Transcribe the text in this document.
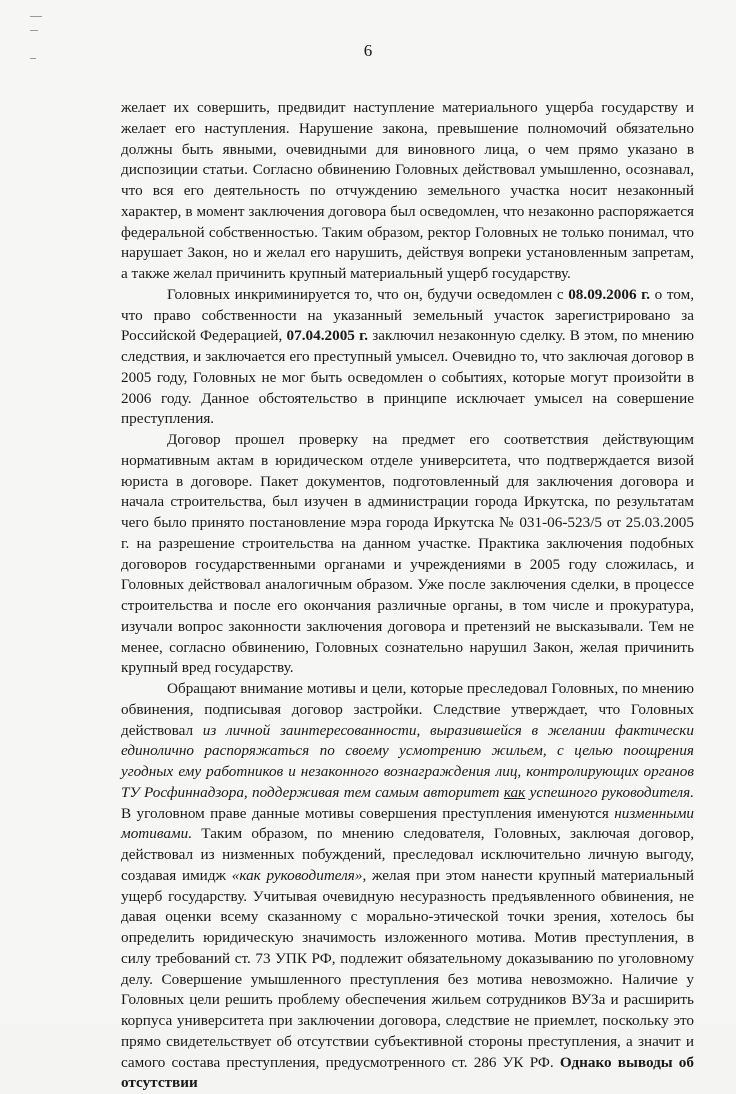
6

желает их совершить, предвидит наступление материального ущерба государству и желает его наступления. Нарушение закона, превышение полномочий обязательно должны быть явными, очевидными для виновного лица, о чем прямо указано в диспозиции статьи. Согласно обвинению Головных действовал умышленно, осознавал, что вся его деятельность по отчуждению земельного участка носит незаконный характер, в момент заключения договора был осведомлен, что незаконно распоряжается федеральной собственностью. Таким образом, ректор Головных не только понимал, что нарушает Закон, но и желал его нарушить, действуя вопреки установленным запретам, а также желал причинить крупный материальный ущерб государству.

Головных инкриминируется то, что он, будучи осведомлен с 08.09.2006 г. о том, что право собственности на указанный земельный участок зарегистрировано за Российской Федерацией, 07.04.2005 г. заключил незаконную сделку. В этом, по мнению следствия, и заключается его преступный умысел. Очевидно то, что заключая договор в 2005 году, Головных не мог быть осведомлен о событиях, которые могут произойти в 2006 году. Данное обстоятельство в принципе исключает умысел на совершение преступления.

Договор прошел проверку на предмет его соответствия действующим нормативным актам в юридическом отделе университета, что подтверждается визой юриста в договоре. Пакет документов, подготовленный для заключения договора и начала строительства, был изучен в администрации города Иркутска, по результатам чего было принято постановление мэра города Иркутска № 031-06-523/5 от 25.03.2005 г. на разрешение строительства на данном участке. Практика заключения подобных договоров государственными органами и учреждениями в 2005 году сложилась, и Головных действовал аналогичным образом. Уже после заключения сделки, в процессе строительства и после его окончания различные органы, в том числе и прокуратура, изучали вопрос законности заключения договора и претензий не высказывали. Тем не менее, согласно обвинению, Головных сознательно нарушил Закон, желая причинить крупный вред государству.

Обращают внимание мотивы и цели, которые преследовал Головных, по мнению обвинения, подписывая договор застройки. Следствие утверждает, что Головных действовал из личной заинтересованности, выразившейся в желании фактически единолично распоряжаться по своему усмотрению жильем, с целью поощрения угодных ему работников и незаконного вознаграждения лиц, контролирующих органов ТУ Росфиннадзора, поддерживая тем самым авторитет как успешного руководителя. В уголовном праве данные мотивы совершения преступления именуются низменными мотивами. Таким образом, по мнению следователя, Головных, заключая договор, действовал из низменных побуждений, преследовал исключительно личную выгоду, создавая имидж «как руководителя», желая при этом нанести крупный материальный ущерб государству. Учитывая очевидную несуразность предъявленного обвинения, не давая оценки всему сказанному с морально-этической точки зрения, хотелось бы определить юридическую значимость изложенного мотива. Мотив преступления, в силу требований ст. 73 УПК РФ, подлежит обязательному доказыванию по уголовному делу. Совершение умышленного преступления без мотива невозможно. Наличие у Головных цели решить проблему обеспечения жильем сотрудников ВУЗа и расширить корпуса университета при заключении договора, следствие не приемлет, поскольку это прямо свидетельствует об отсутствии субъективной стороны преступления, а значит и самого состава преступления, предусмотренного ст. 286 УК РФ. Однако выводы об отсутствии
